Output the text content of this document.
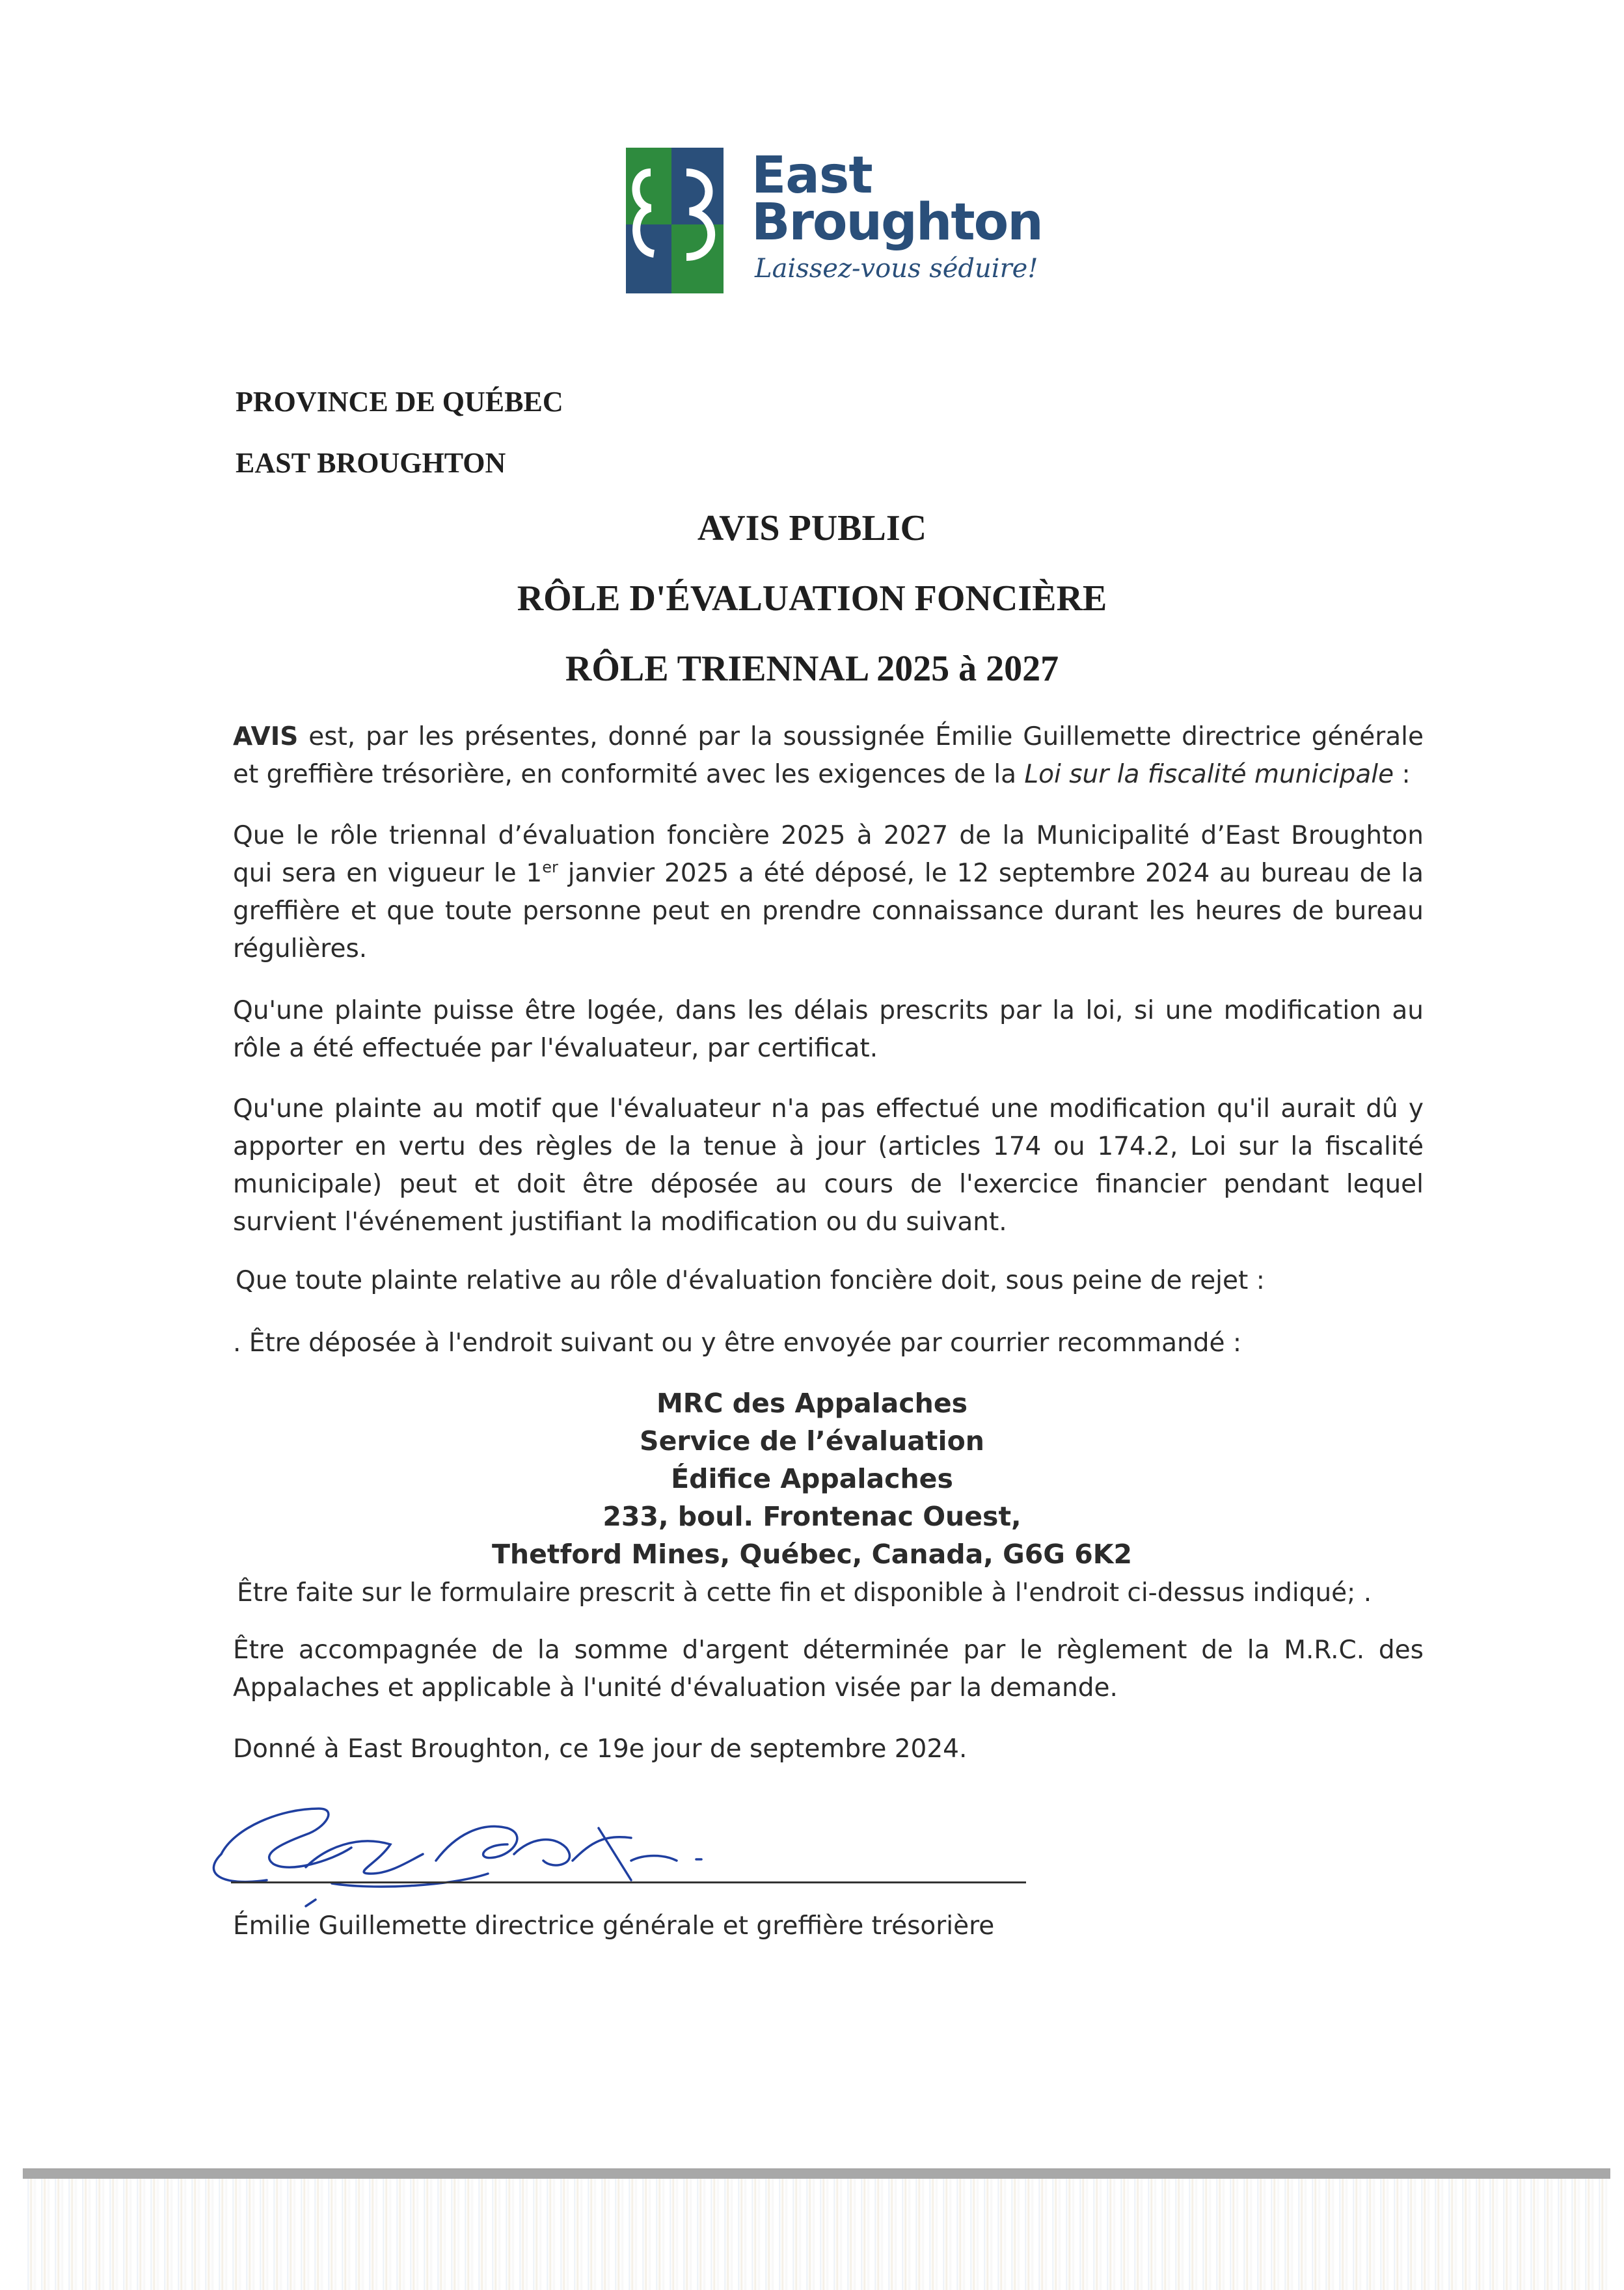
East
Broughton
Laissez-vous séduire!
PROVINCE DE QUÉBEC
EAST BROUGHTON
AVIS PUBLIC
RÔLE D'ÉVALUATION FONCIÈRE
RÔLE TRIENNAL 2025 à 2027
AVIS est, par les présentes, donné par la soussignée Émilie Guillemette directrice générale et greffière trésorière, en conformité avec les exigences de la Loi sur la fiscalité municipale :
Que le rôle triennal d’évaluation foncière 2025 à 2027 de la Municipalité d’East Broughton qui sera en vigueur le 1er janvier 2025 a été déposé, le 12 septembre 2024 au bureau de la greffière et que toute personne peut en prendre connaissance durant les heures de bureau régulières.
Qu'une plainte puisse être logée, dans les délais prescrits par la loi, si une modification au rôle a été effectuée par l'évaluateur, par certificat.
Qu'une plainte au motif que l'évaluateur n'a pas effectué une modification qu'il aurait dû y apporter en vertu des règles de la tenue à jour (articles 174 ou 174.2, Loi sur la fiscalité municipale) peut et doit être déposée au cours de l'exercice financier pendant lequel survient l'événement justifiant la modification ou du suivant.
Que toute plainte relative au rôle d'évaluation foncière doit, sous peine de rejet :
. Être déposée à l'endroit suivant ou y être envoyée par courrier recommandé :
MRC des Appalaches
Service de l’évaluation
Édifice Appalaches
233, boul. Frontenac Ouest,
Thetford Mines, Québec, Canada, G6G 6K2
Être faite sur le formulaire prescrit à cette fin et disponible à l'endroit ci-dessus indiqué; .
Être accompagnée de la somme d'argent déterminée par le règlement de la M.R.C. des Appalaches et applicable à l'unité d'évaluation visée par la demande.
Donné à East Broughton, ce 19e jour de septembre 2024.
Émilie Guillemette directrice générale et greffière trésorière
